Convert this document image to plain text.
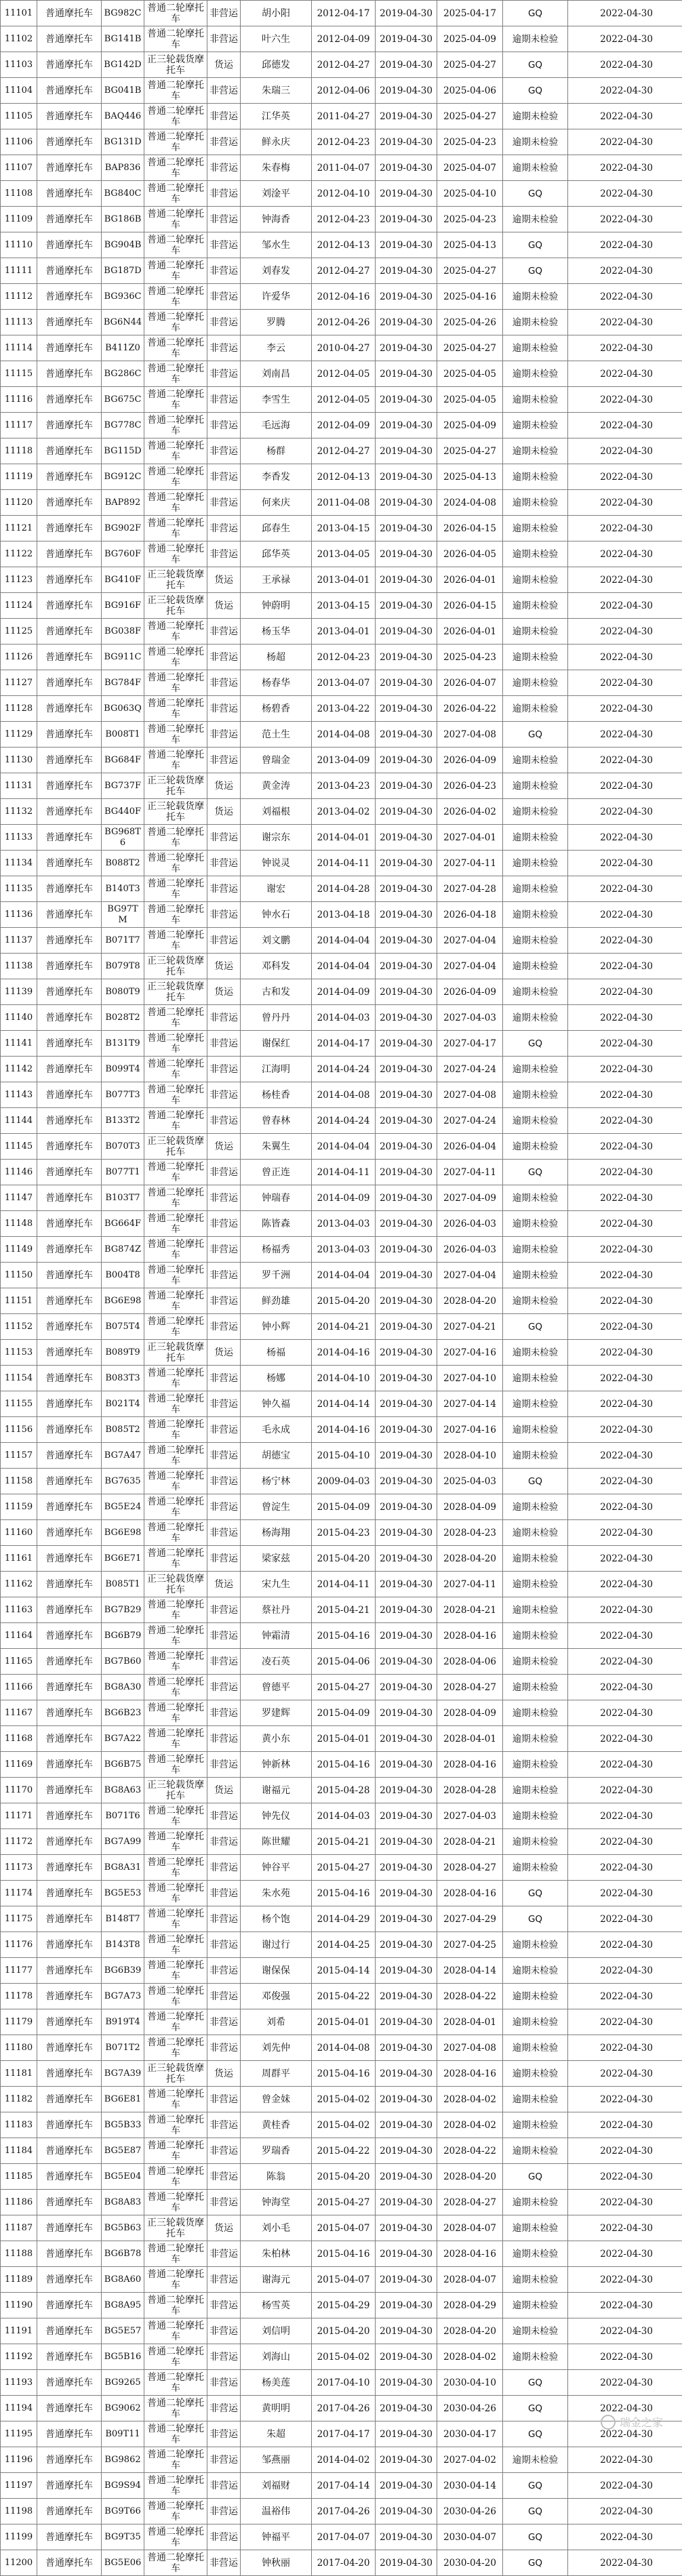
11101	普通摩托车	BG982C	普通二轮摩托车	非营运	胡小阳	2012-04-17	2019-04-30	2025-04-17	GQ	2022-04-30
11102	普通摩托车	BG141B	普通二轮摩托车	非营运	叶六生	2012-04-09	2019-04-30	2025-04-09	逾期未检验	2022-04-30
11103	普通摩托车	BG142D	正三轮载货摩托车	货运	邱德发	2012-04-27	2019-04-30	2025-04-27	GQ	2022-04-30
11104	普通摩托车	BG041B	普通二轮摩托车	非营运	朱瑞三	2012-04-06	2019-04-30	2025-04-06	GQ	2022-04-30
11105	普通摩托车	BAQ446	普通二轮摩托车	非营运	江华英	2011-04-27	2019-04-30	2025-04-27	逾期未检验	2022-04-30
11106	普通摩托车	BG131D	普通二轮摩托车	非营运	鲜永庆	2012-04-23	2019-04-30	2025-04-23	逾期未检验	2022-04-30
11107	普通摩托车	BAP836	普通二轮摩托车	非营运	朱春梅	2011-04-07	2019-04-30	2025-04-07	逾期未检验	2022-04-30
11108	普通摩托车	BG840C	普通二轮摩托车	非营运	刘淦平	2012-04-10	2019-04-30	2025-04-10	GQ	2022-04-30
11109	普通摩托车	BG186B	普通二轮摩托车	非营运	钟海香	2012-04-23	2019-04-30	2025-04-23	逾期未检验	2022-04-30
11110	普通摩托车	BG904B	普通二轮摩托车	非营运	邹水生	2012-04-13	2019-04-30	2025-04-13	GQ	2022-04-30
11111	普通摩托车	BG187D	普通二轮摩托车	非营运	刘春发	2012-04-27	2019-04-30	2025-04-27	GQ	2022-04-30
11112	普通摩托车	BG936C	普通二轮摩托车	非营运	许爱华	2012-04-16	2019-04-30	2025-04-16	逾期未检验	2022-04-30
11113	普通摩托车	BG6N44	普通二轮摩托车	非营运	罗腾	2012-04-26	2019-04-30	2025-04-26	逾期未检验	2022-04-30
11114	普通摩托车	B411Z0	普通二轮摩托车	非营运	李云	2010-04-27	2019-04-30	2025-04-27	逾期未检验	2022-04-30
11115	普通摩托车	BG286C	普通二轮摩托车	非营运	刘南昌	2012-04-05	2019-04-30	2025-04-05	逾期未检验	2022-04-30
11116	普通摩托车	BG675C	普通二轮摩托车	非营运	李雪生	2012-04-05	2019-04-30	2025-04-05	逾期未检验	2022-04-30
11117	普通摩托车	BG778C	普通二轮摩托车	非营运	毛远海	2012-04-09	2019-04-30	2025-04-09	逾期未检验	2022-04-30
11118	普通摩托车	BG115D	普通二轮摩托车	非营运	杨群	2012-04-27	2019-04-30	2025-04-27	逾期未检验	2022-04-30
11119	普通摩托车	BG912C	普通二轮摩托车	非营运	李香发	2012-04-13	2019-04-30	2025-04-13	逾期未检验	2022-04-30
11120	普通摩托车	BAP892	普通二轮摩托车	非营运	何来庆	2011-04-08	2019-04-30	2024-04-08	逾期未检验	2022-04-30
11121	普通摩托车	BG902F	普通二轮摩托车	非营运	邱春生	2013-04-15	2019-04-30	2026-04-15	逾期未检验	2022-04-30
11122	普通摩托车	BG760F	普通二轮摩托车	非营运	邱华英	2013-04-05	2019-04-30	2026-04-05	逾期未检验	2022-04-30
11123	普通摩托车	BG410F	正三轮载货摩托车	货运	王承禄	2013-04-01	2019-04-30	2026-04-01	逾期未检验	2022-04-30
11124	普通摩托车	BG916F	正三轮载货摩托车	货运	钟蔚明	2013-04-15	2019-04-30	2026-04-15	逾期未检验	2022-04-30
11125	普通摩托车	BG038F	普通二轮摩托车	非营运	杨玉华	2013-04-01	2019-04-30	2026-04-01	逾期未检验	2022-04-30
11126	普通摩托车	BG911C	普通二轮摩托车	非营运	杨超	2012-04-23	2019-04-30	2025-04-23	逾期未检验	2022-04-30
11127	普通摩托车	BG784F	普通二轮摩托车	非营运	杨春华	2013-04-07	2019-04-30	2026-04-07	逾期未检验	2022-04-30
11128	普通摩托车	BG063Q	普通二轮摩托车	非营运	杨碧香	2013-04-22	2019-04-30	2026-04-22	逾期未检验	2022-04-30
11129	普通摩托车	B008T1	普通二轮摩托车	非营运	范土生	2014-04-08	2019-04-30	2027-04-08	GQ	2022-04-30
11130	普通摩托车	BG684F	普通二轮摩托车	非营运	曾瑞金	2013-04-09	2019-04-30	2026-04-09	逾期未检验	2022-04-30
11131	普通摩托车	BG737F	正三轮载货摩托车	货运	黄金涛	2013-04-23	2019-04-30	2026-04-23	逾期未检验	2022-04-30
11132	普通摩托车	BG440F	正三轮载货摩托车	货运	刘福根	2013-04-02	2019-04-30	2026-04-02	逾期未检验	2022-04-30
11133	普通摩托车	BG968T6	普通二轮摩托车	非营运	谢宗东	2014-04-01	2019-04-30	2027-04-01	逾期未检验	2022-04-30
11134	普通摩托车	B088T2	普通二轮摩托车	非营运	钟说灵	2014-04-11	2019-04-30	2027-04-11	逾期未检验	2022-04-30
11135	普通摩托车	B140T3	普通二轮摩托车	非营运	谢宏	2014-04-28	2019-04-30	2027-04-28	逾期未检验	2022-04-30
11136	普通摩托车	BG97TM	普通二轮摩托车	非营运	钟水石	2013-04-18	2019-04-30	2026-04-18	逾期未检验	2022-04-30
11137	普通摩托车	B071T7	普通二轮摩托车	非营运	刘文鹏	2014-04-04	2019-04-30	2027-04-04	逾期未检验	2022-04-30
11138	普通摩托车	B079T8	正三轮载货摩托车	货运	邓科发	2014-04-04	2019-04-30	2027-04-04	逾期未检验	2022-04-30
11139	普通摩托车	B080T9	正三轮载货摩托车	货运	古和发	2014-04-09	2019-04-30	2026-04-09	逾期未检验	2022-04-30
11140	普通摩托车	B028T2	普通二轮摩托车	非营运	曾丹丹	2014-04-03	2019-04-30	2027-04-03	逾期未检验	2022-04-30
11141	普通摩托车	B131T9	普通二轮摩托车	非营运	谢保红	2014-04-17	2019-04-30	2027-04-17	GQ	2022-04-30
11142	普通摩托车	B099T4	普通二轮摩托车	非营运	江海明	2014-04-24	2019-04-30	2027-04-24	逾期未检验	2022-04-30
11143	普通摩托车	B077T3	普通二轮摩托车	非营运	杨桂香	2014-04-08	2019-04-30	2027-04-08	逾期未检验	2022-04-30
11144	普通摩托车	B133T2	普通二轮摩托车	非营运	曾春林	2014-04-24	2019-04-30	2027-04-24	逾期未检验	2022-04-30
11145	普通摩托车	B070T3	正三轮载货摩托车	货运	朱翼生	2014-04-04	2019-04-30	2026-04-04	逾期未检验	2022-04-30
11146	普通摩托车	B077T1	普通二轮摩托车	非营运	曾正连	2014-04-11	2019-04-30	2027-04-11	GQ	2022-04-30
11147	普通摩托车	B103T7	普通二轮摩托车	非营运	钟瑞春	2014-04-09	2019-04-30	2027-04-09	逾期未检验	2022-04-30
11148	普通摩托车	BG664F	普通二轮摩托车	非营运	陈皆森	2013-04-03	2019-04-30	2026-04-03	逾期未检验	2022-04-30
11149	普通摩托车	BG874Z	普通二轮摩托车	非营运	杨福秀	2013-04-03	2019-04-30	2026-04-03	逾期未检验	2022-04-30
11150	普通摩托车	B004T8	普通二轮摩托车	非营运	罗千洲	2014-04-04	2019-04-30	2027-04-04	逾期未检验	2022-04-30
11151	普通摩托车	BG6E98	普通二轮摩托车	非营运	鲜劲雄	2015-04-20	2019-04-30	2028-04-20	逾期未检验	2022-04-30
11152	普通摩托车	B075T4	普通二轮摩托车	非营运	钟小辉	2014-04-21	2019-04-30	2027-04-21	GQ	2022-04-30
11153	普通摩托车	B089T9	正三轮载货摩托车	货运	杨福	2014-04-16	2019-04-30	2027-04-16	逾期未检验	2022-04-30
11154	普通摩托车	B083T3	普通二轮摩托车	非营运	杨娜	2014-04-10	2019-04-30	2027-04-10	逾期未检验	2022-04-30
11155	普通摩托车	B021T4	普通二轮摩托车	非营运	钟久福	2014-04-14	2019-04-30	2027-04-14	逾期未检验	2022-04-30
11156	普通摩托车	B085T2	普通二轮摩托车	非营运	毛永成	2014-04-16	2019-04-30	2027-04-16	逾期未检验	2022-04-30
11157	普通摩托车	BG7A47	普通二轮摩托车	非营运	胡德宝	2015-04-10	2019-04-30	2028-04-10	逾期未检验	2022-04-30
11158	普通摩托车	BG7635	普通二轮摩托车	非营运	杨宁林	2009-04-03	2019-04-30	2025-04-03	GQ	2022-04-30
11159	普通摩托车	BG5E24	普通二轮摩托车	非营运	曾淀生	2015-04-09	2019-04-30	2028-04-09	逾期未检验	2022-04-30
11160	普通摩托车	BG6E98	普通二轮摩托车	非营运	杨海翔	2015-04-23	2019-04-30	2028-04-23	逾期未检验	2022-04-30
11161	普通摩托车	BG6E71	普通二轮摩托车	非营运	梁家兹	2015-04-20	2019-04-30	2028-04-20	逾期未检验	2022-04-30
11162	普通摩托车	B085T1	正三轮载货摩托车	货运	宋九生	2014-04-11	2019-04-30	2027-04-11	逾期未检验	2022-04-30
11163	普通摩托车	BG7B29	普通二轮摩托车	非营运	蔡社丹	2015-04-21	2019-04-30	2028-04-21	逾期未检验	2022-04-30
11164	普通摩托车	BG6B79	普通二轮摩托车	非营运	钟霜清	2015-04-16	2019-04-30	2028-04-16	逾期未检验	2022-04-30
11165	普通摩托车	BG7B60	普通二轮摩托车	非营运	凌石英	2015-04-06	2019-04-30	2028-04-06	逾期未检验	2022-04-30
11166	普通摩托车	BG8A30	普通二轮摩托车	非营运	曾德平	2015-04-27	2019-04-30	2028-04-27	逾期未检验	2022-04-30
11167	普通摩托车	BG6B23	普通二轮摩托车	非营运	罗建辉	2015-04-09	2019-04-30	2028-04-09	逾期未检验	2022-04-30
11168	普通摩托车	BG7A22	普通二轮摩托车	非营运	黄小东	2015-04-01	2019-04-30	2028-04-01	逾期未检验	2022-04-30
11169	普通摩托车	BG6B75	普通二轮摩托车	非营运	钟新林	2015-04-16	2019-04-30	2028-04-16	逾期未检验	2022-04-30
11170	普通摩托车	BG8A63	正三轮载货摩托车	货运	谢福元	2015-04-28	2019-04-30	2028-04-28	逾期未检验	2022-04-30
11171	普通摩托车	B071T6	普通二轮摩托车	非营运	钟先仪	2014-04-03	2019-04-30	2027-04-03	逾期未检验	2022-04-30
11172	普通摩托车	BG7A99	普通二轮摩托车	非营运	陈世耀	2015-04-21	2019-04-30	2028-04-21	逾期未检验	2022-04-30
11173	普通摩托车	BG8A31	普通二轮摩托车	非营运	钟谷平	2015-04-27	2019-04-30	2028-04-27	逾期未检验	2022-04-30
11174	普通摩托车	BG5E53	普通二轮摩托车	非营运	朱水苑	2015-04-16	2019-04-30	2028-04-16	GQ	2022-04-30
11175	普通摩托车	B148T7	普通二轮摩托车	非营运	杨个饱	2014-04-29	2019-04-30	2027-04-29	GQ	2022-04-30
11176	普通摩托车	B143T8	普通二轮摩托车	非营运	谢过行	2014-04-25	2019-04-30	2027-04-25	逾期未检验	2022-04-30
11177	普通摩托车	BG6B39	普通二轮摩托车	非营运	谢保保	2015-04-14	2019-04-30	2028-04-14	逾期未检验	2022-04-30
11178	普通摩托车	BG7A73	普通二轮摩托车	非营运	邓俊强	2015-04-22	2019-04-30	2028-04-22	逾期未检验	2022-04-30
11179	普通摩托车	B919T4	普通二轮摩托车	非营运	刘希	2015-04-01	2019-04-30	2028-04-01	逾期未检验	2022-04-30
11180	普通摩托车	B071T2	普通二轮摩托车	非营运	刘先仲	2014-04-08	2019-04-30	2027-04-08	逾期未检验	2022-04-30
11181	普通摩托车	BG7A39	正三轮载货摩托车	货运	周群平	2015-04-16	2019-04-30	2028-04-16	逾期未检验	2022-04-30
11182	普通摩托车	BG6E81	普通二轮摩托车	非营运	曾金妹	2015-04-02	2019-04-30	2028-04-02	逾期未检验	2022-04-30
11183	普通摩托车	BG5B33	普通二轮摩托车	非营运	黄桂香	2015-04-02	2019-04-30	2028-04-02	逾期未检验	2022-04-30
11184	普通摩托车	BG5E87	普通二轮摩托车	非营运	罗瑞香	2015-04-22	2019-04-30	2028-04-22	逾期未检验	2022-04-30
11185	普通摩托车	BG5E04	普通二轮摩托车	非营运	陈翁	2015-04-20	2019-04-30	2028-04-20	GQ	2022-04-30
11186	普通摩托车	BG8A83	普通二轮摩托车	非营运	钟海堂	2015-04-27	2019-04-30	2028-04-27	逾期未检验	2022-04-30
11187	普通摩托车	BG5B63	正三轮载货摩托车	货运	刘小毛	2015-04-07	2019-04-30	2028-04-07	逾期未检验	2022-04-30
11188	普通摩托车	BG6B78	普通二轮摩托车	非营运	朱柏林	2015-04-16	2019-04-30	2028-04-16	逾期未检验	2022-04-30
11189	普通摩托车	BG8A60	普通二轮摩托车	非营运	谢海元	2015-04-07	2019-04-30	2028-04-07	逾期未检验	2022-04-30
11190	普通摩托车	BG8A95	普通二轮摩托车	非营运	杨雪英	2015-04-29	2019-04-30	2028-04-29	逾期未检验	2022-04-30
11191	普通摩托车	BG5E57	普通二轮摩托车	非营运	刘信明	2015-04-20	2019-04-30	2028-04-20	逾期未检验	2022-04-30
11192	普通摩托车	BG5B16	普通二轮摩托车	非营运	刘海山	2015-04-02	2019-04-30	2028-04-02	逾期未检验	2022-04-30
11193	普通摩托车	BG9265	普通二轮摩托车	非营运	杨美莲	2017-04-10	2019-04-30	2030-04-10	GQ	2022-04-30
11194	普通摩托车	BG9062	普通二轮摩托车	非营运	黄明明	2017-04-26	2019-04-30	2030-04-26	GQ	2022-04-30
11195	普通摩托车	B09T11	普通二轮摩托车	非营运	朱超	2017-04-17	2019-04-30	2030-04-17	GQ	2022-04-30
11196	普通摩托车	BG9862	普通二轮摩托车	非营运	邹燕丽	2014-04-02	2019-04-30	2027-04-02	逾期未检验	2022-04-30
11197	普通摩托车	BG9S94	普通二轮摩托车	非营运	刘福财	2017-04-14	2019-04-30	2030-04-14	GQ	2022-04-30
11198	普通摩托车	BG9T66	普通二轮摩托车	非营运	温裕伟	2017-04-26	2019-04-30	2030-04-26	GQ	2022-04-30
11199	普通摩托车	BG9T35	普通二轮摩托车	非营运	钟福平	2017-04-07	2019-04-30	2030-04-07	GQ	2022-04-30
11200	普通摩托车	BG5E06	普通二轮摩托车	非营运	钟秋丽	2017-04-20	2019-04-30	2030-04-20	GQ	2022-04-30
瑞金之家
